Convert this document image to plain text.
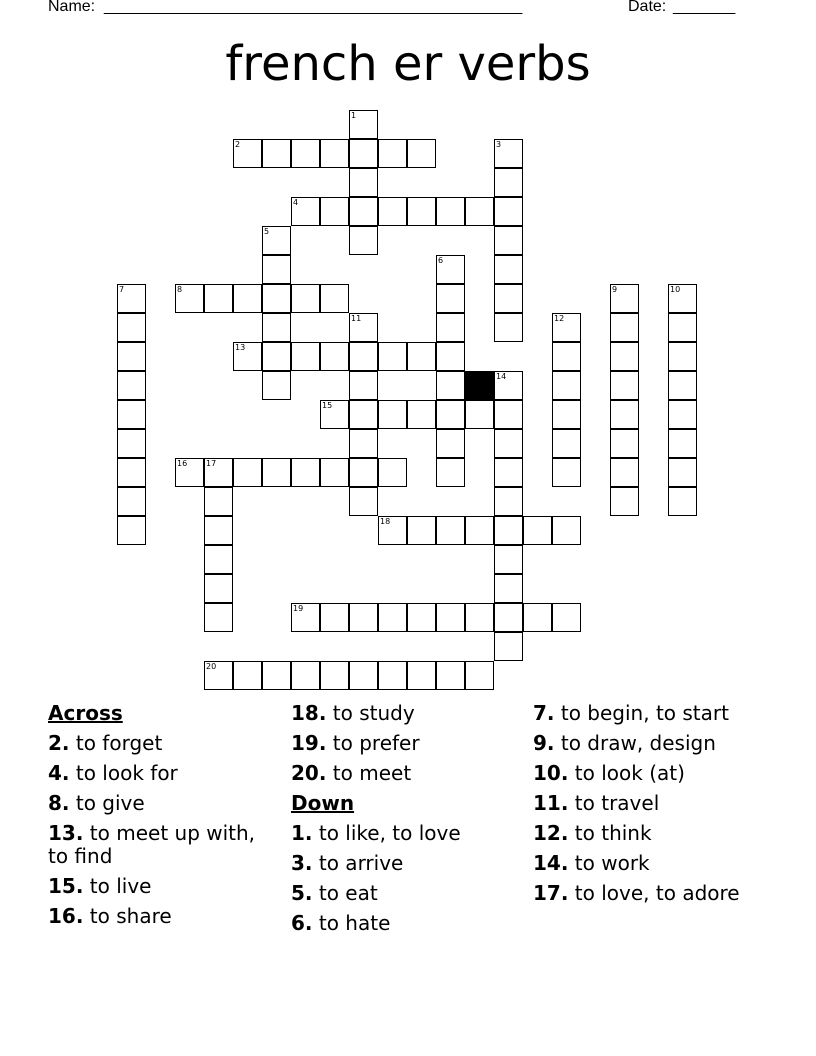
Name: _______________________________________________	Date: _______
french er verbs
2
4
8
13
15
16 17
18
19
20
1
3
5
6
7	9	10
11	12
14
Across
2. to forget
4. to look for
8. to give
13. to meet up with, to find
15. to live
16. to share
18. to study
19. to prefer
20. to meet
Down
1. to like, to love
3. to arrive
5. to eat
6. to hate
7. to begin, to start
9. to draw, design
10. to look (at)
11. to travel
12. to think
14. to work
17. to love, to adore
